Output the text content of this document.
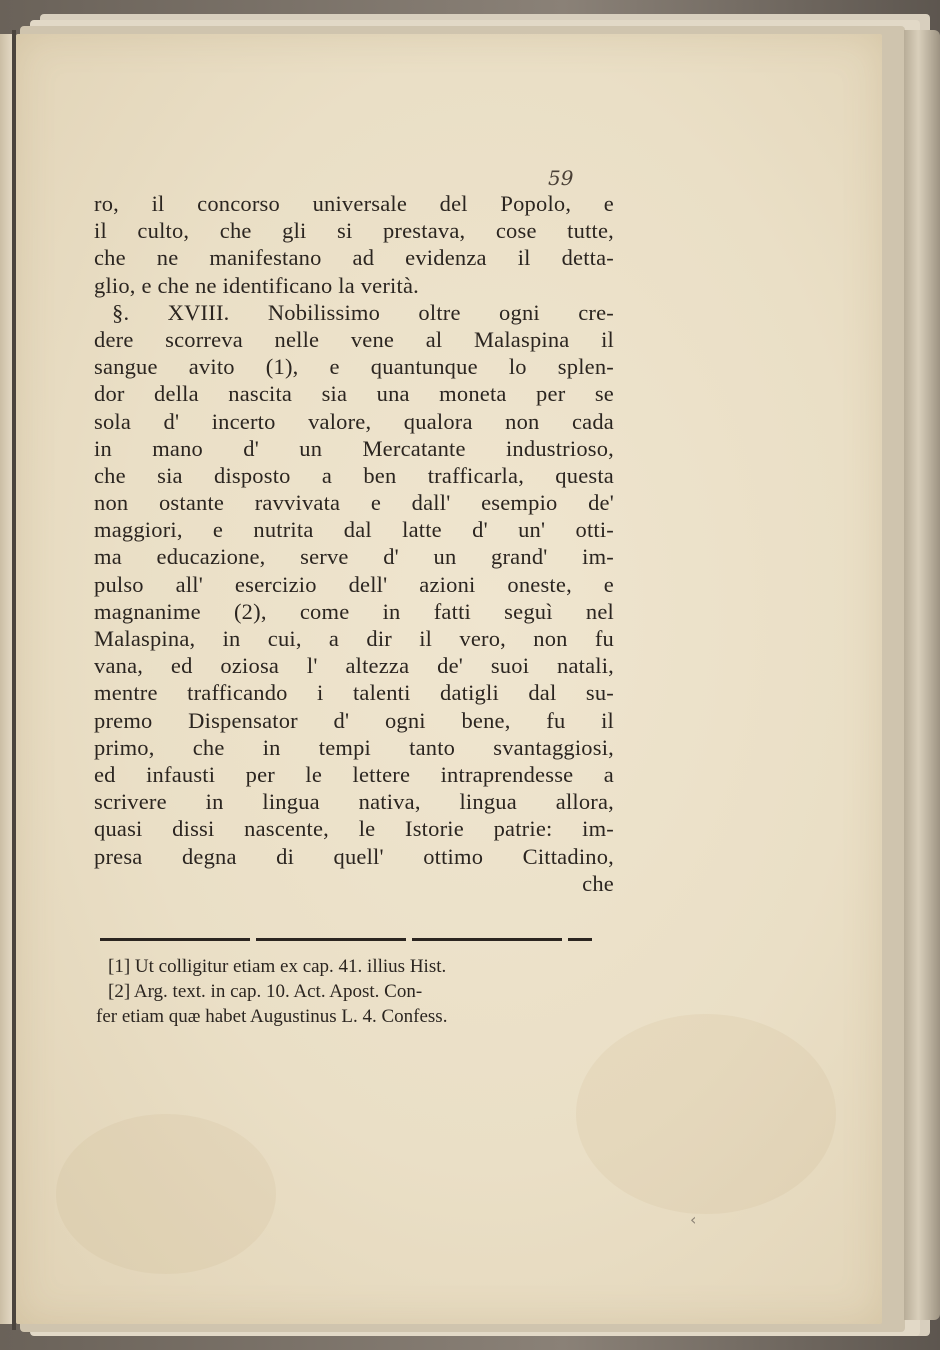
59
ro, il concorso universale del Popolo, e
il culto, che gli si prestava, cose tutte,
che ne manifestano ad evidenza il detta-
glio, e che ne identificano la verità.
§. XVIII. Nobilissimo oltre ogni cre-
dere scorreva nelle vene al Malaspina il
sangue avito (1), e quantunque lo splen-
dor della nascita sia una moneta per se
sola d' incerto valore, qualora non cada
in mano d' un Mercatante industrioso,
che sia disposto a ben trafficarla, questa
non ostante ravvivata e dall' esempio de'
maggiori, e nutrita dal latte d' un' otti-
ma educazione, serve d' un grand' im-
pulso all' esercizio dell' azioni oneste, e
magnanime (2), come in fatti seguì nel
Malaspina, in cui, a dir il vero, non fu
vana, ed oziosa l' altezza de' suoi natali,
mentre trafficando i talenti datigli dal su-
premo Dispensator d' ogni bene, fu il
primo, che in tempi tanto svantaggiosi,
ed infausti per le lettere intraprendesse a
scrivere in lingua nativa, lingua allora,
quasi dissi nascente, le Istorie patrie: im-
presa degna di quell' ottimo Cittadino,
che
[1] Ut colligitur etiam ex cap. 41. illius Hist.
[2] Arg. text. in cap. 10. Act. Apost. Con-
fer etiam quæ habet Augustinus L. 4. Confess.
‹
